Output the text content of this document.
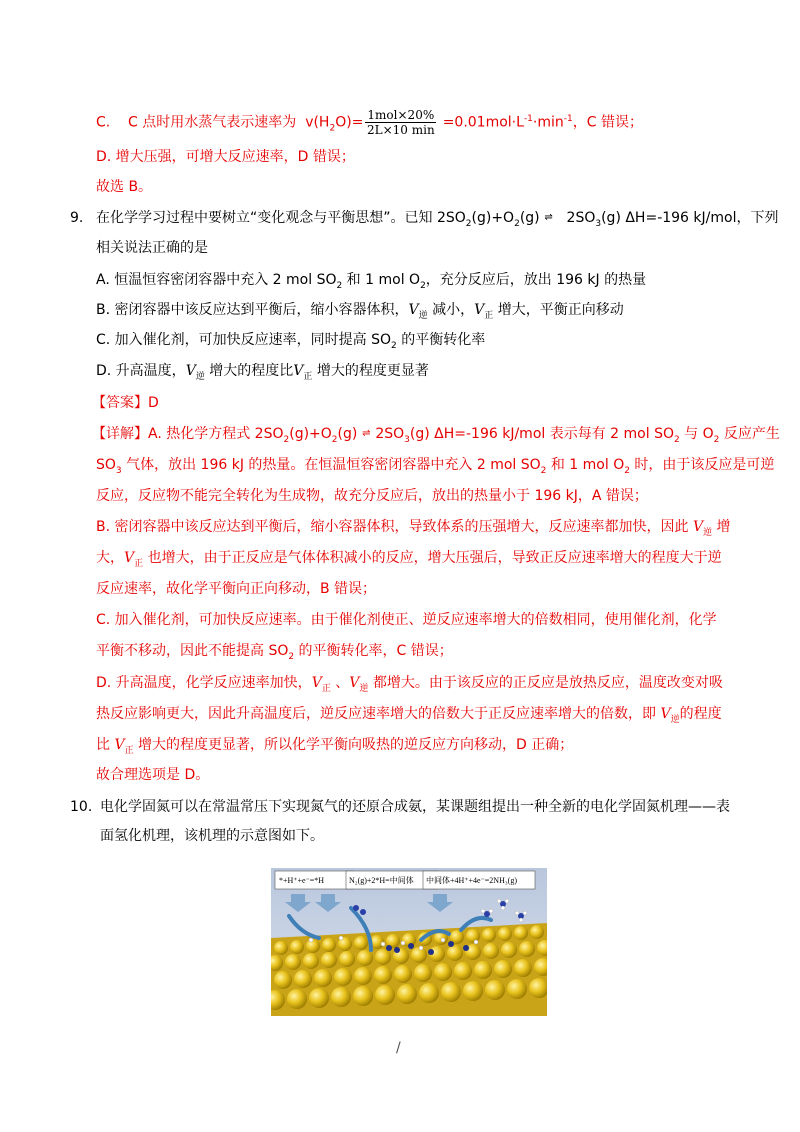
C. C 点时用水蒸气表示速率为 $v(H_2O)= \frac{\text{1mol×20\%}}{2L\times 10 \min} =0.01mol\cdot L^{-1}\cdot\min^{-1}$，C 错误；
D. 增大压强，可增大反应速率，D 错误；
故选 B。
9. 在化学学习过程中要树立“变化观念与平衡思想”。已知 $2SO_2(g)+O_2(g)$ ⇌ $2SO_3(g)$ ΔH=-196 kJ/mol，下列
相关说法正确的是
A. 恒温恒容密闭容器中充入 2 mol $SO_2$ 和 1 mol $O_2$，充分反应后，放出 196 kJ 的热量
B. 密闭容器中该反应达到平衡后，缩小容器体积，$V_逆$ 减小，$V_正$ 增大，平衡正向移动
C. 加入催化剂，可加快反应速率，同时提高 $SO_2$ 的平衡转化率
D. 升高温度，$V_逆$ 增大的程度比$V_正$ 增大的程度更显著
【答案】D
【详解】A. 热化学方程式 $2SO_2(g)+O_2(g)$ ⇌ $2SO_3(g)$ ΔH=-196 kJ/mol 表示每有 2 mol $SO_2$ 与 $O_2$ 反应产生
$SO_3$ 气体，放出 196 kJ 的热量。在恒温恒容密闭容器中充入 2 mol $SO_2$ 和 1 mol $O_2$ 时，由于该反应是可逆
反应，反应物不能完全转化为生成物，故充分反应后，放出的热量小于 196 kJ，A 错误；
B. 密闭容器中该反应达到平衡后，缩小容器体积，导致体系的压强增大，反应速率都加快，因此 $V_逆$ 增
大，$V_正$ 也增大，由于正反应是气体体积减小的反应，增大压强后，导致正反应速率增大的程度大于逆
反应速率，故化学平衡向正向移动，B 错误；
C. 加入催化剂，可加快反应速率。由于催化剂使正、逆反应速率增大的倍数相同，使用催化剂，化学
平衡不移动，因此不能提高 $SO_2$ 的平衡转化率，C 错误；
D. 升高温度，化学反应速率加快，$V_正$ 、$V_逆$ 都增大。由于该反应的正反应是放热反应，温度改变对吸
热反应影响更大，因此升高温度后，逆反应速率增大的倍数大于正反应速率增大的倍数，即 $V_逆$的程度
比 $V_正$ 增大的程度更显著，所以化学平衡向吸热的逆反应方向移动，D 正确；
故合理选项是 D。
10. 电化学固氮可以在常温常压下实现氮气的还原合成氨，某课题组提出一种全新的电化学固氮机理——表
面氢化机理，该机理的示意图如下。
*+H⁺+e⁻=*H	N₂(g)+2*H=中间体 中间体+4H⁺+4e⁻=2NH₃(g)
/
